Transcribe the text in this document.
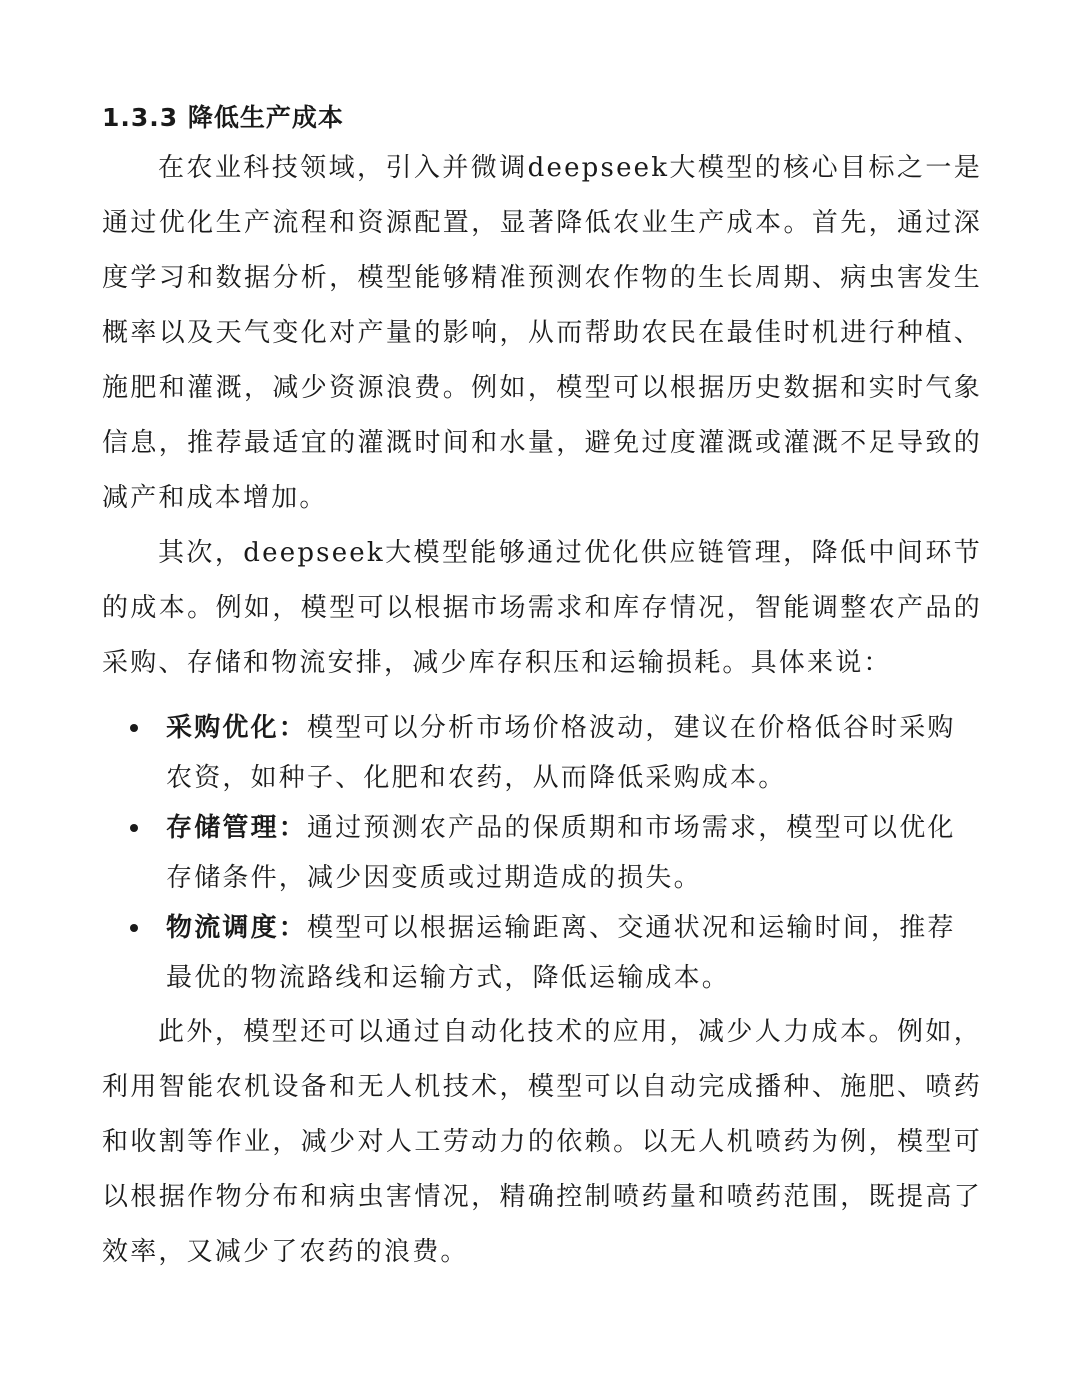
1.3.3 降低生产成本

在农业科技领域，引入并微调deepseek大模型的核心目标之一是通过优化生产流程和资源配置，显著降低农业生产成本。首先，通过深度学习和数据分析，模型能够精准预测农作物的生长周期、病虫害发生概率以及天气变化对产量的影响，从而帮助农民在最佳时机进行种植、施肥和灌溉，减少资源浪费。例如，模型可以根据历史数据和实时气象信息，推荐最适宜的灌溉时间和水量，避免过度灌溉或灌溉不足导致的减产和成本增加。

其次，deepseek大模型能够通过优化供应链管理，降低中间环节的成本。例如，模型可以根据市场需求和库存情况，智能调整农产品的采购、存储和物流安排，减少库存积压和运输损耗。具体来说：

采购优化：模型可以分析市场价格波动，建议在价格低谷时采购农资，如种子、化肥和农药，从而降低采购成本。
存储管理：通过预测农产品的保质期和市场需求，模型可以优化存储条件，减少因变质或过期造成的损失。
物流调度：模型可以根据运输距离、交通状况和运输时间，推荐最优的物流路线和运输方式，降低运输成本。

此外，模型还可以通过自动化技术的应用，减少人力成本。例如，利用智能农机设备和无人机技术，模型可以自动完成播种、施肥、喷药和收割等作业，减少对人工劳动力的依赖。以无人机喷药为例，模型可以根据作物分布和病虫害情况，精确控制喷药量和喷药范围，既提高了效率，又减少了农药的浪费。
